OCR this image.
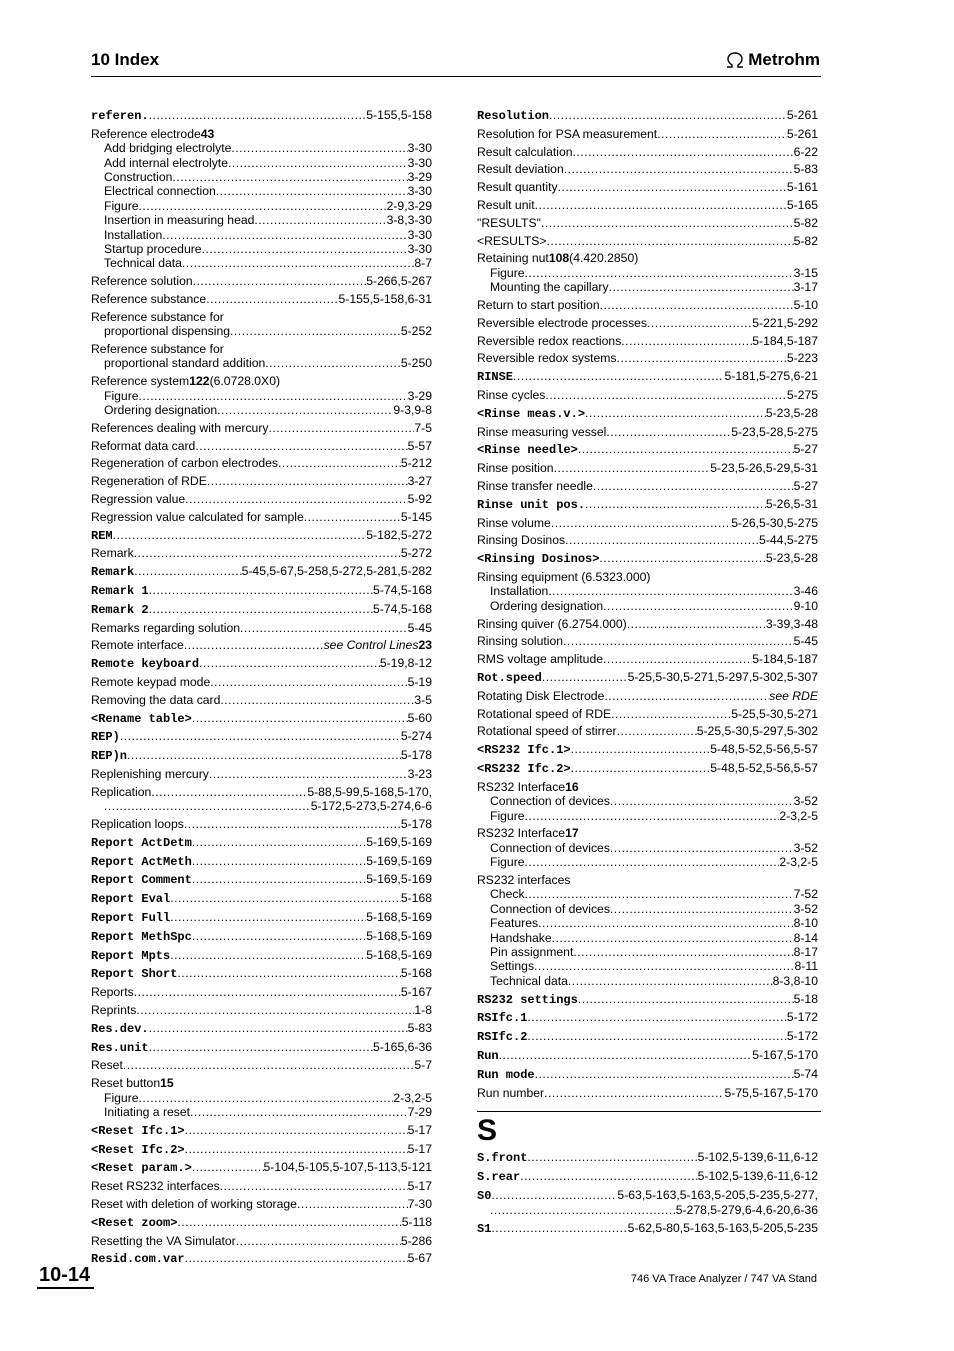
10 Index	Metrohm
referen. .....	5-155,5-158
Reference electrode 43
Add bridging electrolyte .....	3-30
Add internal electrolyte .....	3-30
Construction .....	3-29
Electrical connection .....	3-30
Figure .....	2-9,3-29
Insertion in measuring head .....	3-8,3-30
Installation .....	3-30
Startup procedure .....	3-30
Technical data .....	8-7
Reference solution .....	5-266,5-267
Reference substance .....	5-155,5-158,6-31
Reference substance for
proportional dispensing .....	5-252
Reference substance for
proportional standard addition .....	5-250
Reference system 122 (6.0728.0X0)
Figure .....	3-29
Ordering designation .....	9-3,9-8
References dealing with mercury .....	7-5
Reformat data card .....	5-57
Regeneration of carbon electrodes .....	5-212
Regeneration of RDE .....	3-27
Regression value .....	5-92
Regression value calculated for sample .....	5-145
REM .....	5-182,5-272
Remark .....	5-272
Remark .....	5-45,5-67,5-258,5-272,5-281,5-282
Remark 1 .....	5-74,5-168
Remark 2 .....	5-74,5-168
Remarks regarding solution .....	5-45
Remote interface .....	see Control Lines 23
Remote keyboard .....	5-19,8-12
Remote keypad mode .....	5-19
Removing the data card .....	3-5
<Rename table> .....	5-60
REP) .....	5-274
REP)n .....	5-178
Replenishing mercury .....	3-23
Replication .....	5-88,5-99,5-168,5-170,
.....
5-172,5-273,5-274,6-6
Replication loops .....	5-178
Report ActDetm .....	5-169,5-169
Report ActMeth .....	5-169,5-169
Report Comment .....	5-169,5-169
Report Eval .....	5-168
Report Full .....	5-168,5-169
Report MethSpc .....	5-168,5-169
Report Mpts .....	5-168,5-169
Report Short .....	5-168
Reports .....	5-167
Reprints .....	1-8
Res.dev. .....	5-83
Res.unit .....	5-165,6-36
Reset .....	5-7
Reset button 15
Figure .....	2-3,2-5
Initiating a reset .....	7-29
<Reset Ifc.1> .....	5-17
<Reset Ifc.2> .....	5-17
<Reset param.> .....	5-104,5-105,5-107,5-113,5-121
Reset RS232 interfaces .....	5-17
Reset with deletion of working storage .....	7-30
<Reset zoom> .....	5-118
Resetting the VA Simulator .....	5-286
Resid.com.var .....	5-67
Resolution .....	5-261
Resolution for PSA measurement .....	5-261
Result calculation .....	6-22
Result deviation .....	5-83
Result quantity .....	5-161
Result unit .....	5-165
"RESULTS" .....	5-82
<RESULTS> .....	5-82
Retaining nut 108 (4.420.2850)
Figure .....	3-15
Mounting the capillary .....	3-17
Return to start position .....	5-10
Reversible electrode processes .....	5-221,5-292
Reversible redox reactions .....	5-184,5-187
Reversible redox systems .....	5-223
RINSE .....	5-181,5-275,6-21
Rinse cycles .....	5-275
<Rinse meas.v.> .....	5-23,5-28
Rinse measuring vessel .....	5-23,5-28,5-275
<Rinse needle> .....	5-27
Rinse position .....	5-23,5-26,5-29,5-31
Rinse transfer needle .....	5-27
Rinse unit pos. .....	5-26,5-31
Rinse volume .....	5-26,5-30,5-275
Rinsing Dosinos .....	5-44,5-275
<Rinsing Dosinos> .....	5-23,5-28
Rinsing equipment (6.5323.000)
Installation .....	3-46
Ordering designation .....	9-10
Rinsing quiver (6.2754.000) .....	3-39,3-48
Rinsing solution .....	5-45
RMS voltage amplitude .....	5-184,5-187
Rot.speed .....	5-25,5-30,5-271,5-297,5-302,5-307
Rotating Disk Electrode .....	see RDE
Rotational speed of RDE .....	5-25,5-30,5-271
Rotational speed of stirrer .....	5-25,5-30,5-297,5-302
<RS232 Ifc.1> .....	5-48,5-52,5-56,5-57
<RS232 Ifc.2> .....	5-48,5-52,5-56,5-57
RS232 Interface 16
Connection of devices .....	3-52
Figure .....	2-3,2-5
RS232 Interface 17
Connection of devices .....	3-52
Figure .....	2-3,2-5
RS232 interfaces
Check .....	7-52
Connection of devices .....	3-52
Features .....	8-10
Handshake .....	8-14
Pin assignment .....	8-17
Settings .....	8-11
Technical data .....	8-3,8-10
RS232 settings .....	5-18
RSIfc.1 .....	5-172
RSIfc.2 .....	5-172
Run .....	5-167,5-170
Run mode .....	5-74
Run number .....	5-75,5-167,5-170
S
S.front .....	5-102,5-139,6-11,6-12
S.rear .....	5-102,5-139,6-11,6-12
S0 .....	5-63,5-163,5-163,5-205,5-235,5-277,
.....
5-278,5-279,6-4,6-20,6-36
S1 .....	5-62,5-80,5-163,5-163,5-205,5-235
10-14	746 VA Trace Analyzer / 747 VA Stand
